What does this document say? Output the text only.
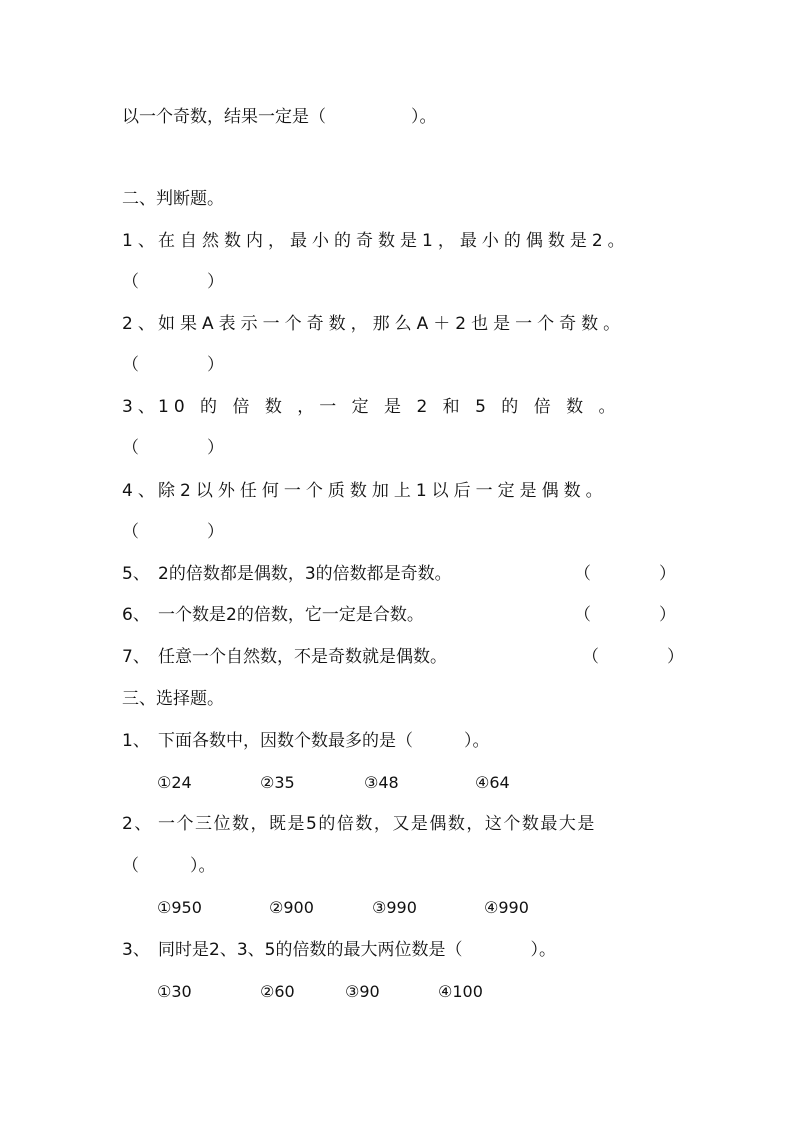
以一个奇数，结果一定是（　　　　　）。
二、判断题。
1、在自然数内，最小的奇数是1，最小的偶数是2。
（　　　　）
2、如果A表示一个奇数，那么A＋2也是一个奇数。
（　　　　）
3、10 的 倍 数 ，一 定 是 2 和 5 的 倍 数 。
（　　　　）
4、除2以外任何一个质数加上1以后一定是偶数。
（　　　　）
5、 2的倍数都是偶数，3的倍数都是奇数。	（　　　　）
6、 一个数是2的倍数，它一定是合数。	（　　　　）
7、 任意一个自然数，不是奇数就是偶数。	（　　　　）
三、选择题。
1、 下面各数中，因数个数最多的是（　　　）。
①24	②35	③48	④64
2、 一个三位数，既是5的倍数，又是偶数，这个数最大是
（　　　）。
①950	②900	③990	④990
3、 同时是2、3、5的倍数的最大两位数是（　　　　）。
①30	②60	③90	④100
